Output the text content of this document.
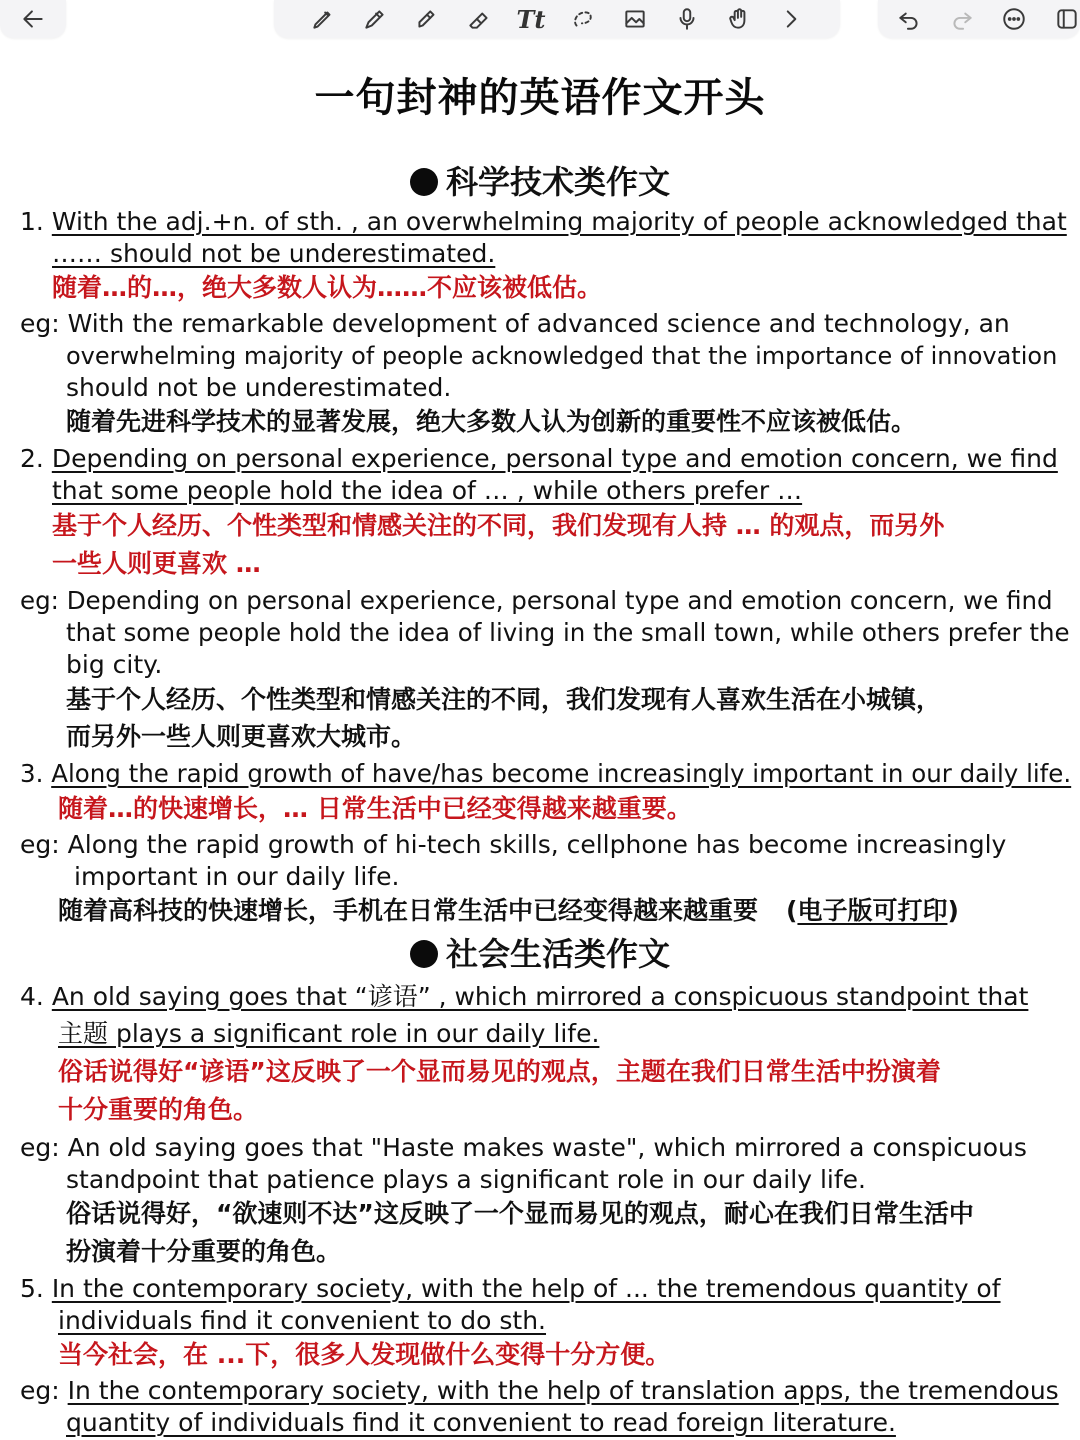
Tt
一句封神的英语作文开头
科学技术类作文
1. With the adj.+n. of sth. , an overwhelming majority of people acknowledged that
…… should not be underestimated.
随着…的…，绝大多数人认为……不应该被低估。
eg: With the remarkable development of advanced science and technology, an
overwhelming majority of people acknowledged that the importance of innovation
should not be underestimated.
随着先进科学技术的显著发展，绝大多数人认为创新的重要性不应该被低估。
2. Depending on personal experience, personal type and emotion concern, we find
that some people hold the idea of … , while others prefer …
基于个人经历、个性类型和情感关注的不同，我们发现有人持 … 的观点，而另外
一些人则更喜欢 …
eg: Depending on personal experience, personal type and emotion concern, we find
that some people hold the idea of living in the small town, while others prefer the
big city.
基于个人经历、个性类型和情感关注的不同，我们发现有人喜欢生活在小城镇，
而另外一些人则更喜欢大城市。
3. Along the rapid growth of have/has become increasingly important in our daily life.
随着…的快速增长，… 日常生活中已经变得越来越重要。
eg: Along the rapid growth of hi-tech skills, cellphone has become increasingly
important in our daily life.
随着高科技的快速增长，手机在日常生活中已经变得越来越重要 (电子版可打印)
社会生活类作文
4. An old saying goes that “谚语” , which mirrored a conspicuous standpoint that
主题 plays a significant role in our daily life.
俗话说得好“谚语”这反映了一个显而易见的观点，主题在我们日常生活中扮演着
十分重要的角色。
eg: An old saying goes that "Haste makes waste", which mirrored a conspicuous
standpoint that patience plays a significant role in our daily life.
俗话说得好，“欲速则不达”这反映了一个显而易见的观点，耐心在我们日常生活中
扮演着十分重要的角色。
5. In the contemporary society, with the help of ... the tremendous quantity of
individuals find it convenient to do sth.
当今社会，在 ...下，很多人发现做什么变得十分方便。
eg: In the contemporary society, with the help of translation apps, the tremendous
quantity of individuals find it convenient to read foreign literature.
